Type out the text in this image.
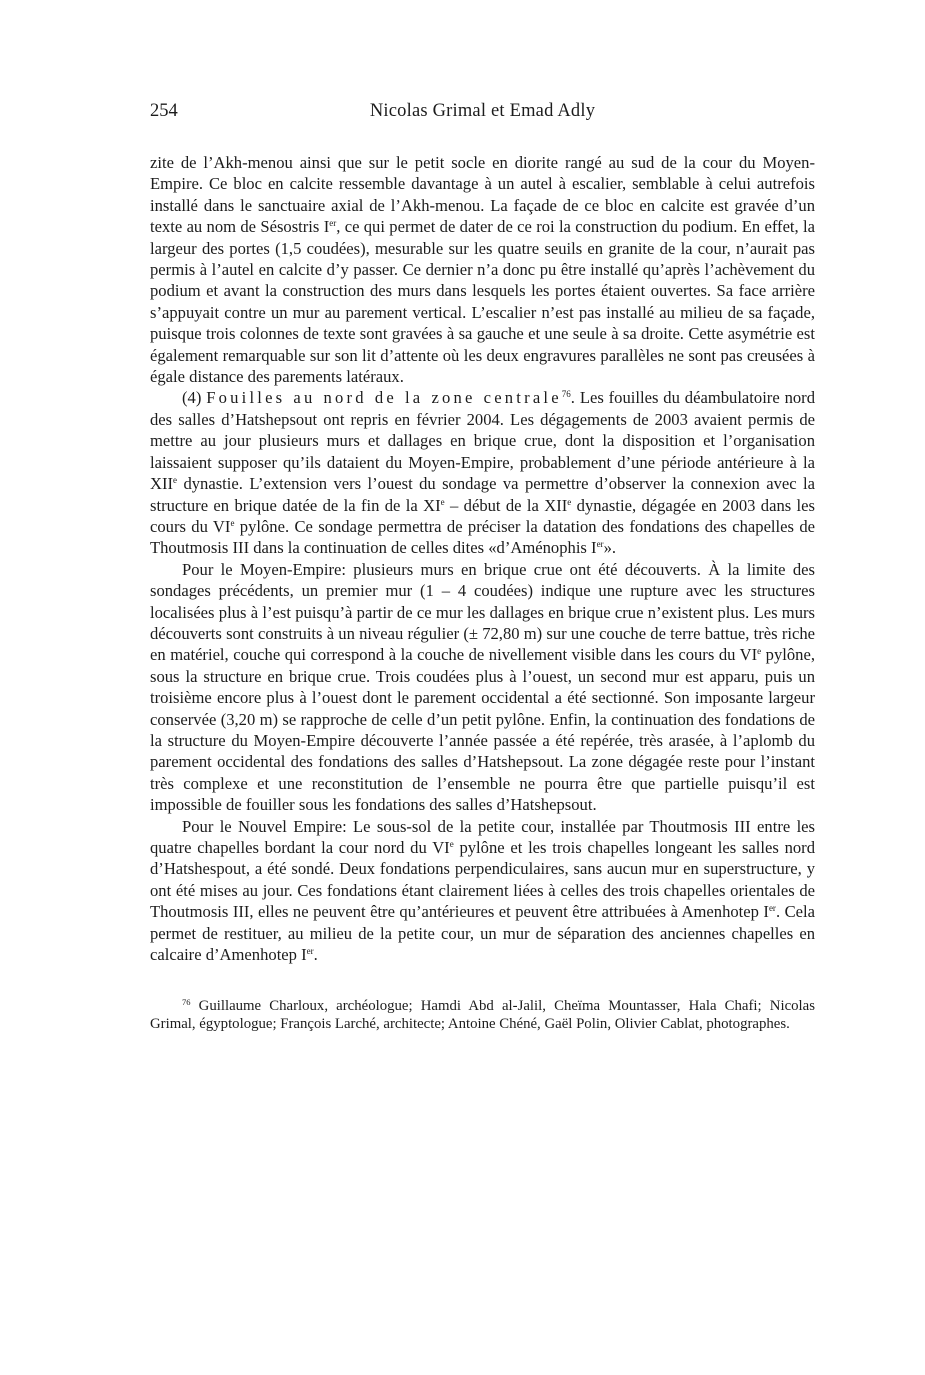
254	Nicolas Grimal et Emad Adly

zite de l’Akh-menou ainsi que sur le petit socle en diorite rangé au sud de la cour du Moyen-Empire. Ce bloc en calcite ressemble davantage à un autel à escalier, semblable à celui autrefois installé dans le sanctuaire axial de l’Akh-menou. La façade de ce bloc en calcite est gravée d’un texte au nom de Sésostris Ier, ce qui permet de dater de ce roi la construction du podium. En effet, la largeur des portes (1,5 coudées), mesurable sur les quatre seuils en granite de la cour, n’aurait pas permis à l’autel en calcite d’y passer. Ce dernier n’a donc pu être installé qu’après l’achèvement du podium et avant la construction des murs dans lesquels les portes étaient ouvertes. Sa face arrière s’appuyait contre un mur au parement vertical. L’escalier n’est pas installé au milieu de sa façade, puisque trois colonnes de texte sont gravées à sa gauche et une seule à sa droite. Cette asymétrie est également remarquable sur son lit d’attente où les deux engravures parallèles ne sont pas creusées à égale distance des parements latéraux.

(4) Fouilles au nord de la zone centrale$^{76}$. Les fouilles du déambulatoire nord des salles d’Hatshepsout ont repris en février 2004. Les dégagements de 2003 avaient permis de mettre au jour plusieurs murs et dallages en brique crue, dont la disposition et l’organisation laissaient supposer qu’ils dataient du Moyen-Empire, probablement d’une période antérieure à la XIIe dynastie. L’extension vers l’ouest du sondage va permettre d’observer la connexion avec la structure en brique datée de la fin de la XIe – début de la XIIe dynastie, dégagée en 2003 dans les cours du VIe pylône. Ce sondage permettra de préciser la datation des fondations des chapelles de Thoutmosis III dans la continuation de celles dites «d’Aménophis Ier».

Pour le Moyen-Empire: plusieurs murs en brique crue ont été découverts. À la limite des sondages précédents, un premier mur (1 – 4 coudées) indique une rupture avec les structures localisées plus à l’est puisqu’à partir de ce mur les dallages en brique crue n’existent plus. Les murs découverts sont construits à un niveau régulier (± 72,80 m) sur une couche de terre battue, très riche en matériel, couche qui correspond à la couche de nivellement visible dans les cours du VIe pylône, sous la structure en brique crue. Trois coudées plus à l’ouest, un second mur est apparu, puis un troisième encore plus à l’ouest dont le parement occidental a été sectionné. Son imposante largeur conservée (3,20 m) se rapproche de celle d’un petit pylône. Enfin, la continuation des fondations de la structure du Moyen-Empire découverte l’année passée a été repérée, très arasée, à l’aplomb du parement occidental des fondations des salles d’Hatshepsout. La zone dégagée reste pour l’instant très complexe et une reconstitution de l’ensemble ne pourra être que partielle puisqu’il est impossible de fouiller sous les fondations des salles d’Hatshepsout.

Pour le Nouvel Empire: Le sous-sol de la petite cour, installée par Thoutmosis III entre les quatre chapelles bordant la cour nord du VIe pylône et les trois chapelles longeant les salles nord d’Hatshespout, a été sondé. Deux fondations perpendiculaires, sans aucun mur en superstructure, y ont été mises au jour. Ces fondations étant clairement liées à celles des trois chapelles orientales de Thoutmosis III, elles ne peuvent être qu’antérieures et peuvent être attribuées à Amenhotep Ier. Cela permet de restituer, au milieu de la petite cour, un mur de séparation des anciennes chapelles en calcaire d’Amenhotep Ier.

$^{76}$ Guillaume Charloux, archéologue; Hamdi Abd al-Jalil, Cheïma Mountasser, Hala Chafi; Nicolas Grimal, égyptologue; François Larché, architecte; Antoine Chéné, Gaël Polin, Olivier Cablat, photographes.
